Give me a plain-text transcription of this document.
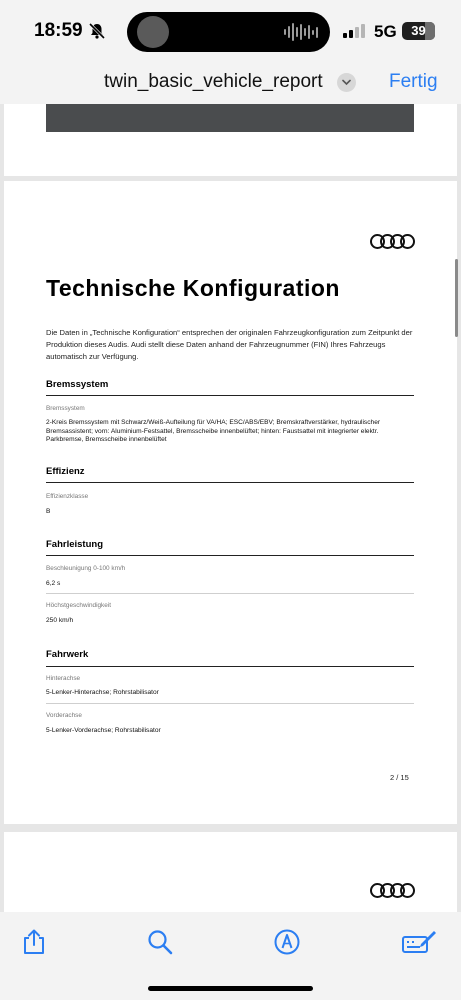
18:59	5G	39
twin_basic_vehicle_report	Fertig
Technische Konfiguration
Die Daten in „Technische Konfiguration“ entsprechen der originalen Fahrzeugkonfiguration zum Zeitpunkt der Produktion dieses Audis. Audi stellt diese Daten anhand der Fahrzeugnummer (FIN) Ihres Fahrzeugs automatisch zur Verfügung.
Bremssystem
Bremssystem
2-Kreis Bremssystem mit Schwarz/Weiß-Aufteilung für VA/HA; ESC/ABS/EBV; Bremskraftverstärker, hydraulischer Bremsassistent; vorn: Aluminium-Festsattel, Bremsscheibe innenbelüftet; hinten: Faustsattel mit integrierter elektr. Parkbremse, Bremsscheibe innenbelüftet
Effizienz
Effizienzklasse
B
Fahrleistung
Beschleunigung 0-100 km/h
6,2 s
Höchstgeschwindigkeit
250 km/h
Fahrwerk
Hinterachse
5-Lenker-Hinterachse; Rohrstabilisator
Vorderachse
5-Lenker-Vorderachse; Rohrstabilisator
2 / 15
